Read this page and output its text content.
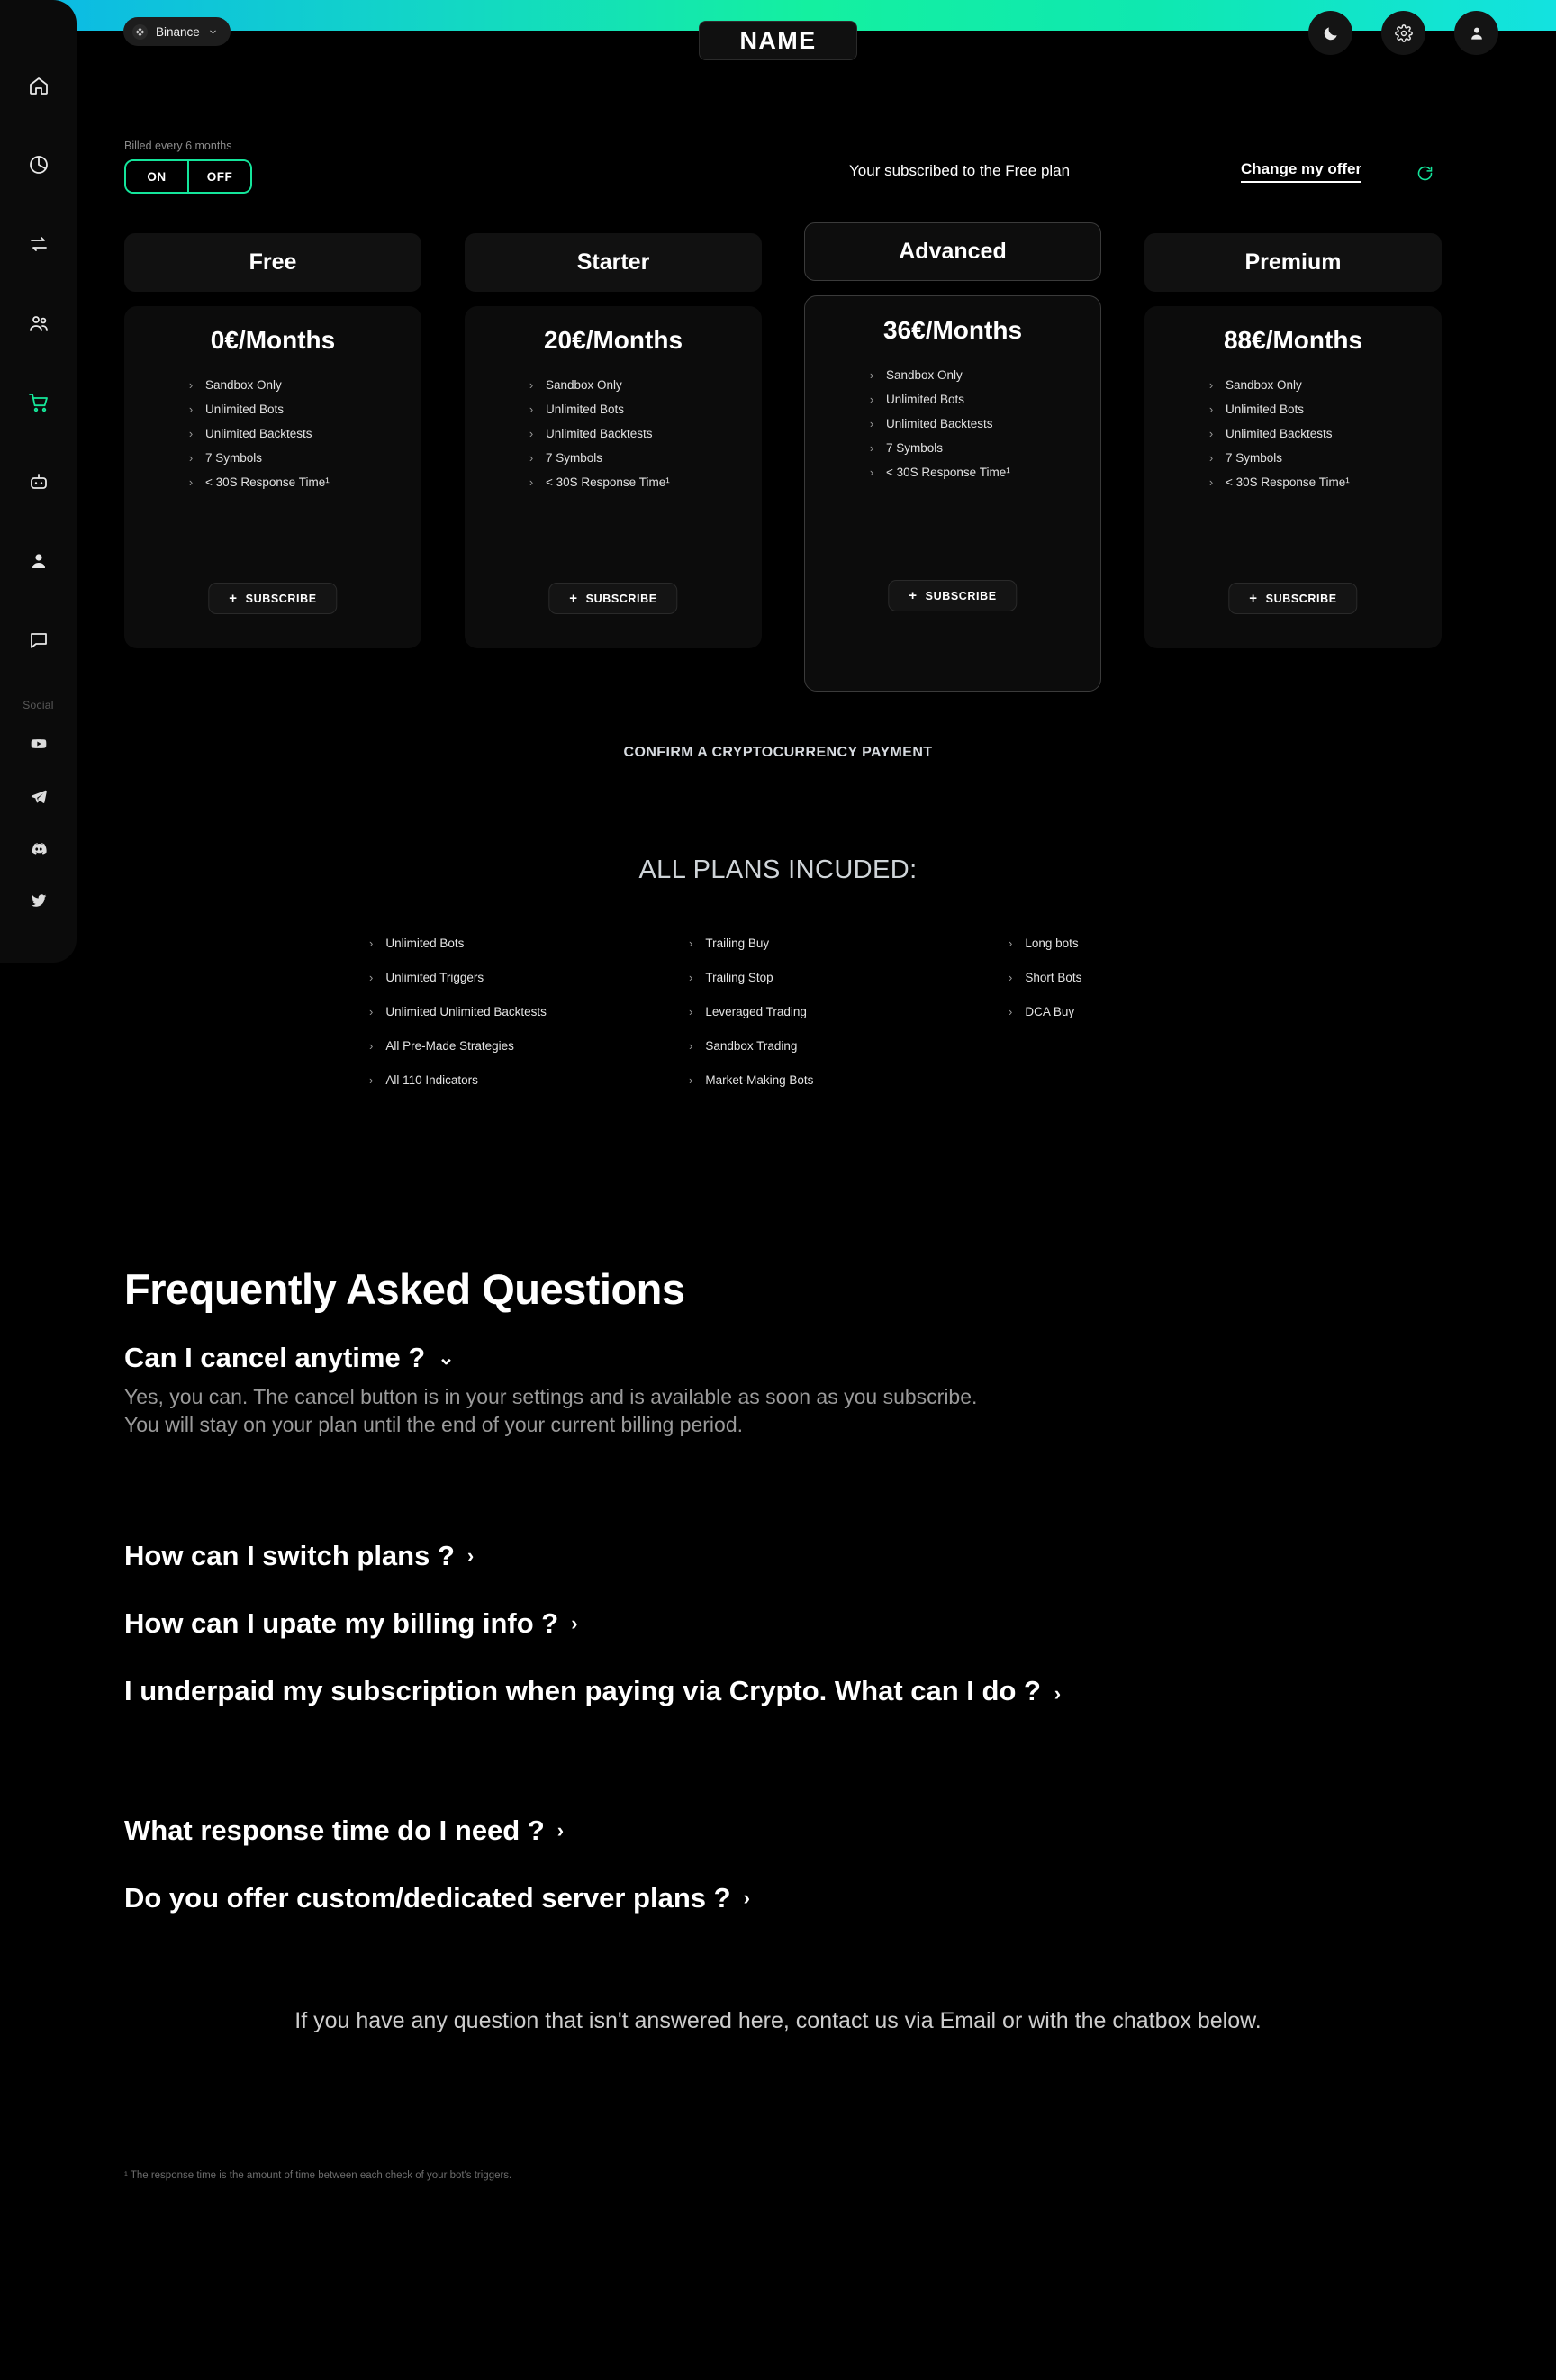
Social
Binance	NAME
Billed every 6 months
ON	OFF	Your subscribed to the Free plan	Change my offer
Free
0€/Months
› Sandbox Only
› Unlimited Bots
› Unlimited Backtests
› 7 Symbols
› < 30S Response Time¹
+ SUBSCRIBE
Starter
20€/Months
› Sandbox Only
› Unlimited Bots
› Unlimited Backtests
› 7 Symbols
› < 30S Response Time¹
+ SUBSCRIBE
Advanced
36€/Months
› Sandbox Only
› Unlimited Bots
› Unlimited Backtests
› 7 Symbols
› < 30S Response Time¹
+ SUBSCRIBE
Premium
88€/Months
› Sandbox Only
› Unlimited Bots
› Unlimited Backtests
› 7 Symbols
› < 30S Response Time¹
+ SUBSCRIBE
CONFIRM A CRYPTOCURRENCY PAYMENT
ALL PLANS INCUDED:
› Unlimited Bots
› Unlimited Triggers
› Unlimited Unlimited Backtests
› All Pre-Made Strategies
› All 110 Indicators
› Trailing Buy
› Trailing Stop
› Leveraged Trading
› Sandbox Trading
› Market-Making Bots
› Long bots
› Short Bots
› DCA Buy
Frequently Asked Questions
Can I cancel anytime ? ⌄
Yes, you can. The cancel button is in your settings and is available as soon as you subscribe. You will stay on your plan until the end of your current billing period.
How can I switch plans ? ›
How can I upate my billing info ? ›
I underpaid my subscription when paying via Crypto. What can I do ?  ›
What response time do I need ? ›
Do you offer custom/dedicated server plans ? ›
If you have any question that isn't answered here, contact us via Email or with the chatbox below.
¹ The response time is the amount of time between each check of your bot's triggers.
